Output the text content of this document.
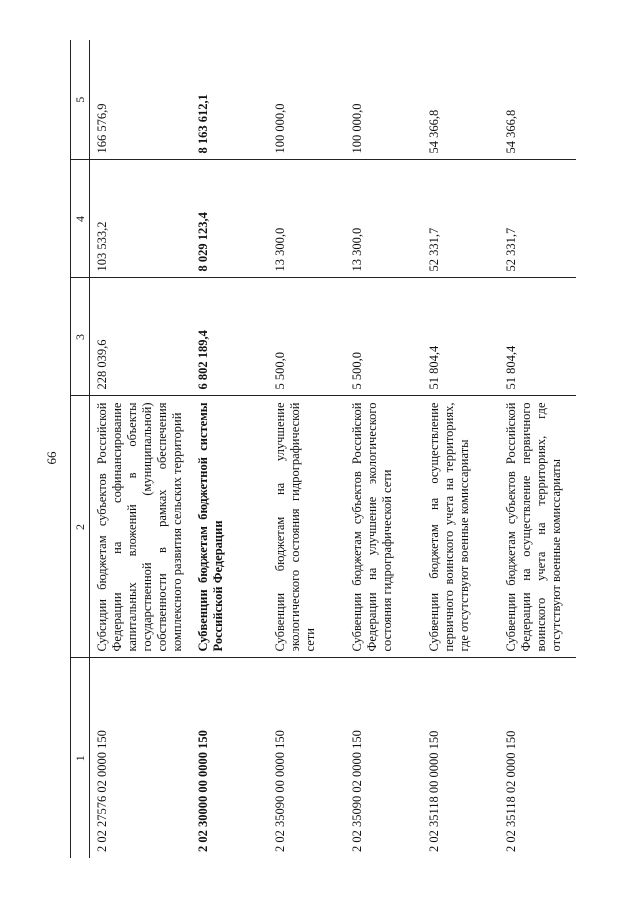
66
1	2	3	4	5
2 02 27576 02 0000 150	Субсидии бюджетам субъектов Российской Федерации на софинансирование капитальных вложений в объекты государственной (муниципальной) собственности в рамках обеспечения комплексного развития сельских территорий	228 039,6	103 533,2	166 576,9
2 02 30000 00 0000 150	Субвенции бюджетам бюджетной системы Российской Федерации	6 802 189,4	8 029 123,4	8 163 612,1
2 02 35090 00 0000 150	Субвенции бюджетам на улучшение экологического состояния гидрографической сети	5 500,0	13 300,0	100 000,0
2 02 35090 02 0000 150	Субвенции бюджетам субъектов Российской Федерации на улучшение экологического состояния гидрографической сети	5 500,0	13 300,0	100 000,0
2 02 35118 00 0000 150	Субвенции бюджетам на осуществление первичного воинского учета на территориях, где отсутствуют военные комиссариаты	51 804,4	52 331,7	54 366,8
2 02 35118 02 0000 150	Субвенции бюджетам субъектов Российской Федерации на осуществление первичного воинского учета на территориях, где отсутствуют военные комиссариаты	51 804,4	52 331,7	54 366,8
